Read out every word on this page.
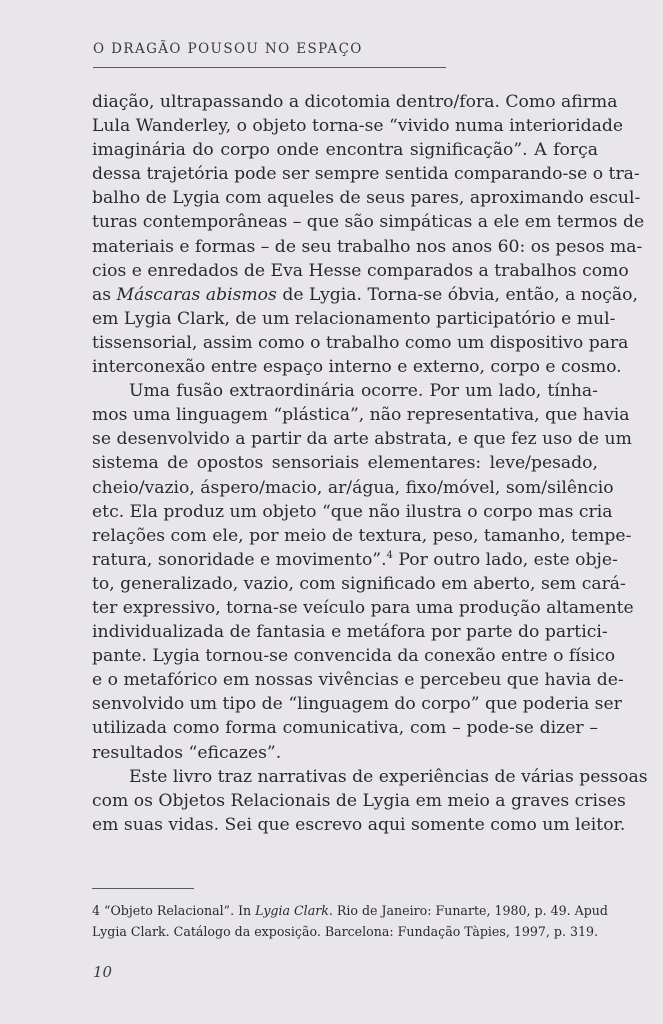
O DRAGÃO POUSOU NO ESPAÇO
diação, ultrapassando a dicotomia dentro/fora. Como afirma
Lula Wanderley, o objeto torna-se “vivido numa interioridade
imaginária do corpo onde encontra significação”. A força
dessa trajetória pode ser sempre sentida comparando-se o tra-
balho de Lygia com aqueles de seus pares, aproximando escul-
turas contemporâneas – que são simpáticas a ele em termos de
materiais e formas – de seu trabalho nos anos 60: os pesos ma-
cios e enredados de Eva Hesse comparados a trabalhos como
as Máscaras abismos de Lygia. Torna-se óbvia, então, a noção,
em Lygia Clark, de um relacionamento participatório e mul-
tissensorial, assim como o trabalho como um dispositivo para
interconexão entre espaço interno e externo, corpo e cosmo.
Uma fusão extraordinária ocorre. Por um lado, tínha-
mos uma linguagem “plástica”, não representativa, que havia
se desenvolvido a partir da arte abstrata, e que fez uso de um
sistema de opostos sensoriais elementares: leve/pesado,
cheio/vazio, áspero/macio, ar/água, fixo/móvel, som/silêncio
etc. Ela produz um objeto “que não ilustra o corpo mas cria
relações com ele, por meio de textura, peso, tamanho, tempe-
ratura, sonoridade e movimento”.$^4$ Por outro lado, este obje-
to, generalizado, vazio, com significado em aberto, sem cará-
ter expressivo, torna-se veículo para uma produção altamente
individualizada de fantasia e metáfora por parte do partici-
pante. Lygia tornou-se convencida da conexão entre o físico
e o metafórico em nossas vivências e percebeu que havia de-
senvolvido um tipo de “linguagem do corpo” que poderia ser
utilizada como forma comunicativa, com – pode-se dizer –
resultados “eficazes”.
Este livro traz narrativas de experiências de várias pessoas
com os Objetos Relacionais de Lygia em meio a graves crises
em suas vidas. Sei que escrevo aqui somente como um leitor.
4 “Objeto Relacional”. In Lygia Clark. Rio de Janeiro: Funarte, 1980, p. 49. Apud
Lygia Clark. Catálogo da exposição. Barcelona: Fundação Tàpies, 1997, p. 319.
10
